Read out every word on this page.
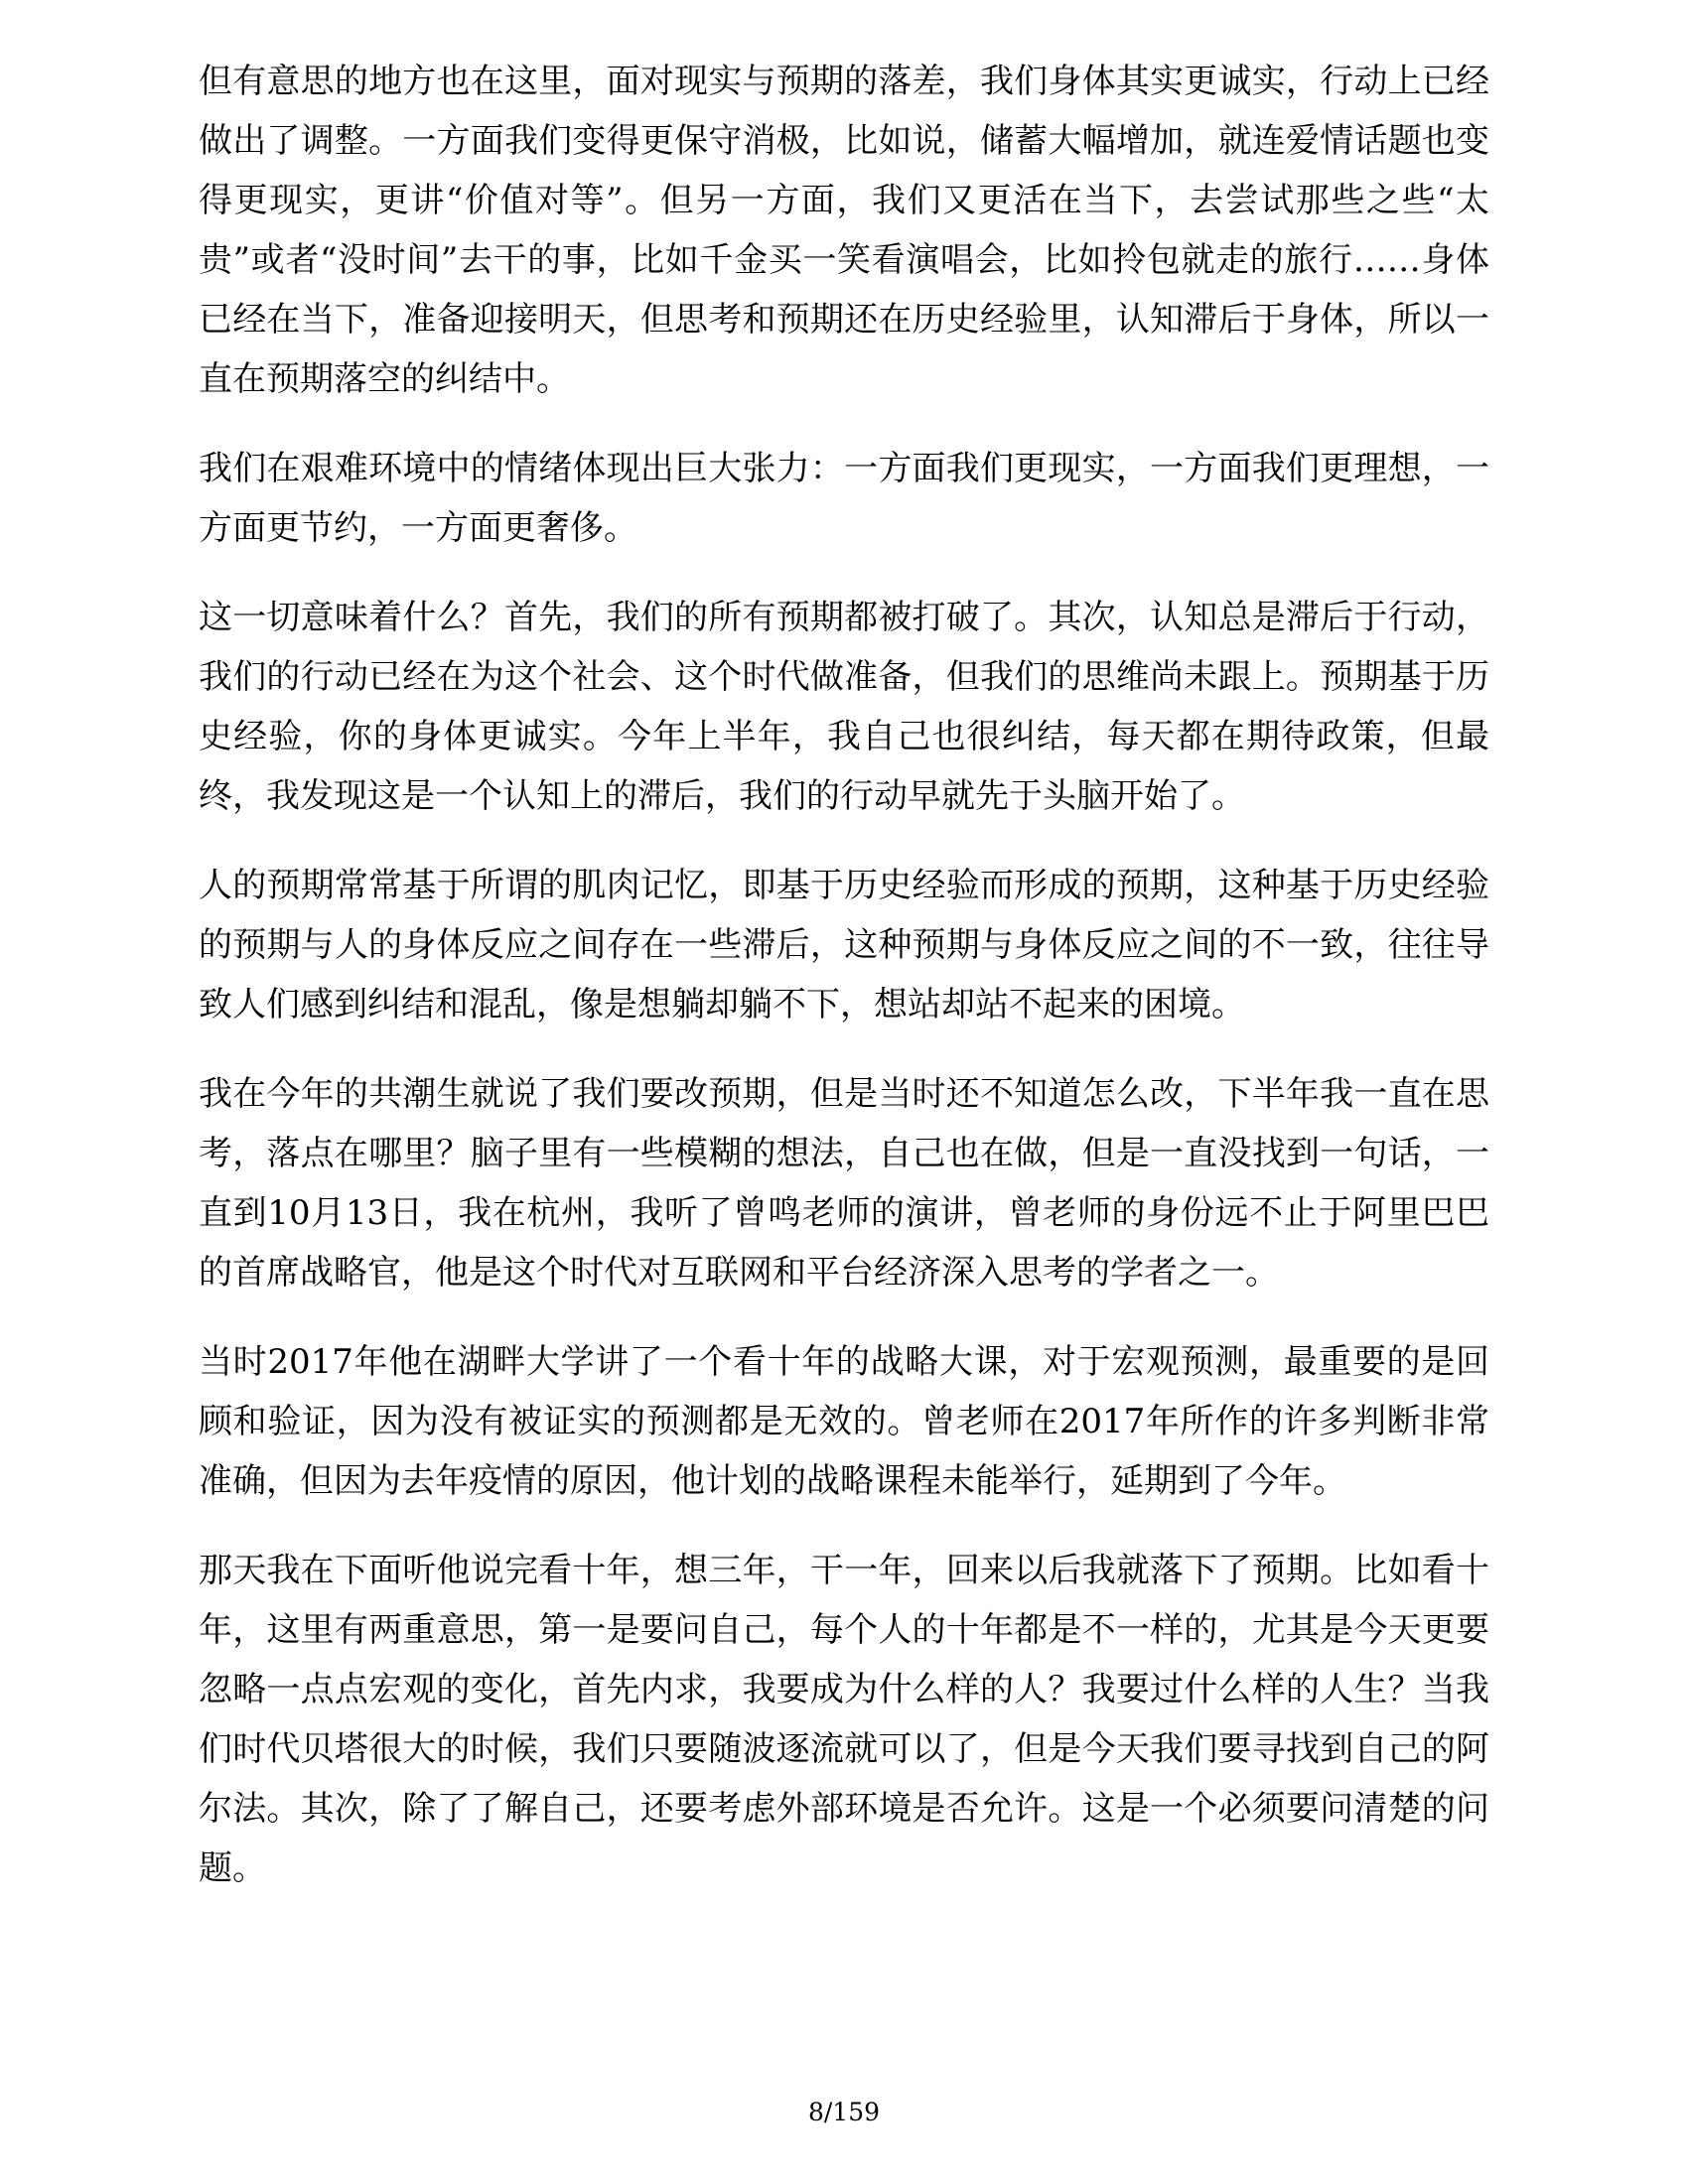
但有意思的地方也在这里，面对现实与预期的落差，我们身体其实更诚实，行动上已经做出了调整。一方面我们变得更保守消极，比如说，储蓄大幅增加，就连爱情话题也变得更现实，更讲“价值对等”。但另一方面，我们又更活在当下，去尝试那些之些“太贵”或者“没时间”去干的事，比如千金买一笑看演唱会，比如拎包就走的旅行……身体已经在当下，准备迎接明天，但思考和预期还在历史经验里，认知滞后于身体，所以一直在预期落空的纠结中。

我们在艰难环境中的情绪体现出巨大张力：一方面我们更现实，一方面我们更理想，一方面更节约，一方面更奢侈。

这一切意味着什么？首先，我们的所有预期都被打破了。其次，认知总是滞后于行动，我们的行动已经在为这个社会、这个时代做准备，但我们的思维尚未跟上。预期基于历史经验，你的身体更诚实。今年上半年，我自己也很纠结，每天都在期待政策，但最终，我发现这是一个认知上的滞后，我们的行动早就先于头脑开始了。

人的预期常常基于所谓的肌肉记忆，即基于历史经验而形成的预期，这种基于历史经验的预期与人的身体反应之间存在一些滞后，这种预期与身体反应之间的不一致，往往导致人们感到纠结和混乱，像是想躺却躺不下，想站却站不起来的困境。

我在今年的共潮生就说了我们要改预期，但是当时还不知道怎么改，下半年我一直在思考，落点在哪里？脑子里有一些模糊的想法，自己也在做，但是一直没找到一句话，一直到10月13日，我在杭州，我听了曾鸣老师的演讲，曾老师的身份远不止于阿里巴巴的首席战略官，他是这个时代对互联网和平台经济深入思考的学者之一。

当时2017年他在湖畔大学讲了一个看十年的战略大课，对于宏观预测，最重要的是回顾和验证，因为没有被证实的预测都是无效的。曾老师在2017年所作的许多判断非常准确，但因为去年疫情的原因，他计划的战略课程未能举行，延期到了今年。

那天我在下面听他说完看十年，想三年，干一年，回来以后我就落下了预期。比如看十年，这里有两重意思，第一是要问自己，每个人的十年都是不一样的，尤其是今天更要忽略一点点宏观的变化，首先内求，我要成为什么样的人？我要过什么样的人生？当我们时代贝塔很大的时候，我们只要随波逐流就可以了，但是今天我们要寻找到自己的阿尔法。其次，除了了解自己，还要考虑外部环境是否允许。这是一个必须要问清楚的问题。

8/159
